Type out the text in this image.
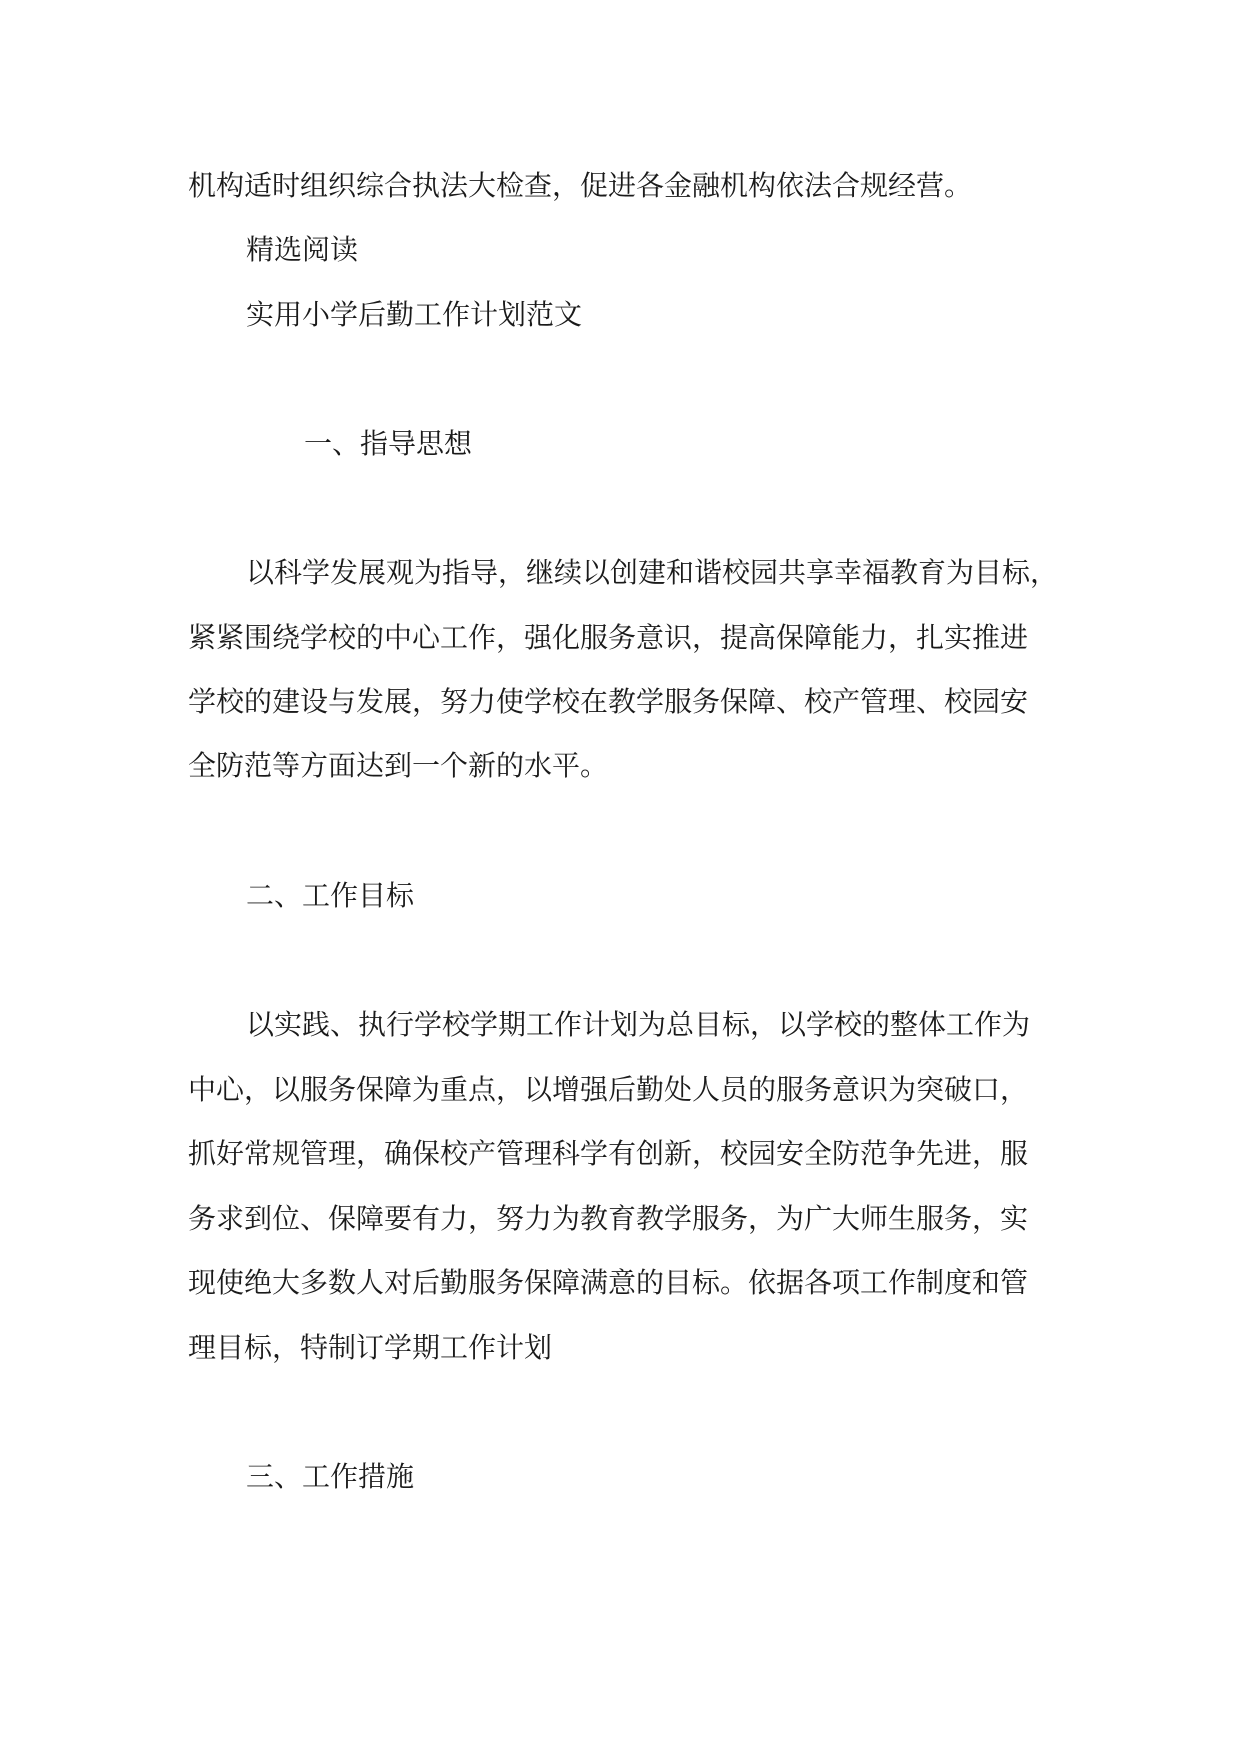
机构适时组织综合执法大检查，促进各金融机构依法合规经营。

精选阅读

实用小学后勤工作计划范文

一、指导思想

以科学发展观为指导，继续以创建和谐校园共享幸福教育为目标，

紧紧围绕学校的中心工作，强化服务意识，提高保障能力，扎实推进

学校的建设与发展，努力使学校在教学服务保障、校产管理、校园安

全防范等方面达到一个新的水平。

二、工作目标

以实践、执行学校学期工作计划为总目标，以学校的整体工作为

中心，以服务保障为重点，以增强后勤处人员的服务意识为突破口，

抓好常规管理，确保校产管理科学有创新，校园安全防范争先进，服

务求到位、保障要有力，努力为教育教学服务，为广大师生服务，实

现使绝大多数人对后勤服务保障满意的目标。依据各项工作制度和管

理目标，特制订学期工作计划

三、工作措施
